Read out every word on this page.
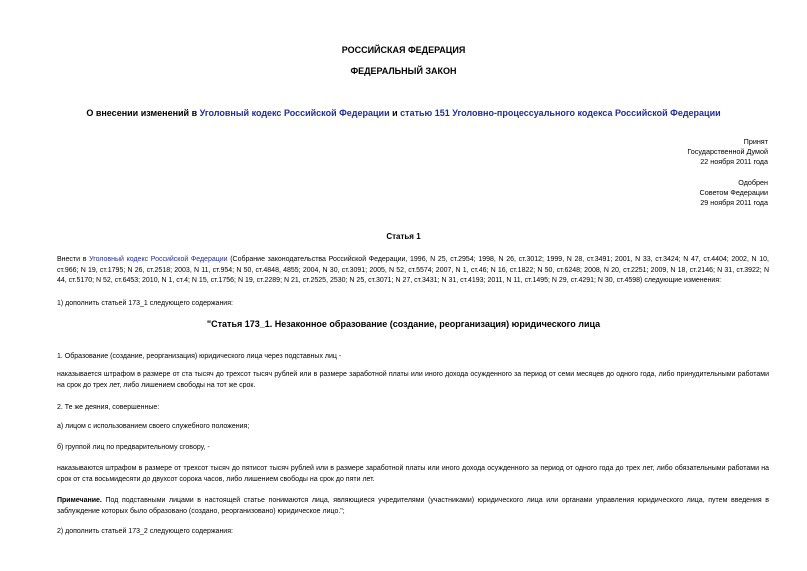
РОССИЙСКАЯ ФЕДЕРАЦИЯ
ФЕДЕРАЛЬНЫЙ ЗАКОН
О внесении изменений в Уголовный кодекс Российской Федерации и статью 151 Уголовно-процессуального кодекса Российской Федерации
Принят
Государственной Думой
22 ноября 2011 года
Одобрен
Советом Федерации
29 ноября 2011 года
Статья 1
Внести в Уголовный кодекс Российской Федерации (Собрание законодательства Российской Федерации, 1996, N 25, ст.2954; 1998, N 26, ст.3012; 1999, N 28, ст.3491; 2001, N 33, ст.3424; N 47, ст.4404; 2002, N 10, ст.966; N 19, ст.1795; N 26, ст.2518; 2003, N 11, ст.954; N 50, ст.4848, 4855; 2004, N 30, ст.3091; 2005, N 52, ст.5574; 2007, N 1, ст.46; N 16, ст.1822; N 50, ст.6248; 2008, N 20, ст.2251; 2009, N 18, ст.2146; N 31, ст.3922; N 44, ст.5170; N 52, ст.6453; 2010, N 1, ст.4; N 15, ст.1756; N 19, ст.2289; N 21, ст.2525, 2530; N 25, ст.3071; N 27, ст.3431; N 31, ст.4193; 2011, N 11, ст.1495; N 29, ст.4291; N 30, ст.4598) следующие изменения:
1) дополнить статьей 173_1 следующего содержания:
"Статья 173_1. Незаконное образование (создание, реорганизация) юридического лица
1. Образование (создание, реорганизация) юридического лица через подставных лиц -
наказывается штрафом в размере от ста тысяч до трехсот тысяч рублей или в размере заработной платы или иного дохода осужденного за период от семи месяцев до одного года, либо принудительными работами на срок до трех лет, либо лишением свободы на тот же срок.
2. Те же деяния, совершенные:
а) лицом с использованием своего служебного положения;
б) группой лиц по предварительному сговору, -
наказываются штрафом в размере от трехсот тысяч до пятисот тысяч рублей или в размере заработной платы или иного дохода осужденного за период от одного года до трех лет, либо обязательными работами на срок от ста восьмидесяти до двухсот сорока часов, либо лишением свободы на срок до пяти лет.
Примечание. Под подставными лицами в настоящей статье понимаются лица, являющиеся учредителями (участниками) юридического лица или органами управления юридического лица, путем введения в заблуждение которых было образовано (создано, реорганизовано) юридическое лицо.";
2) дополнить статьей 173_2 следующего содержания:
